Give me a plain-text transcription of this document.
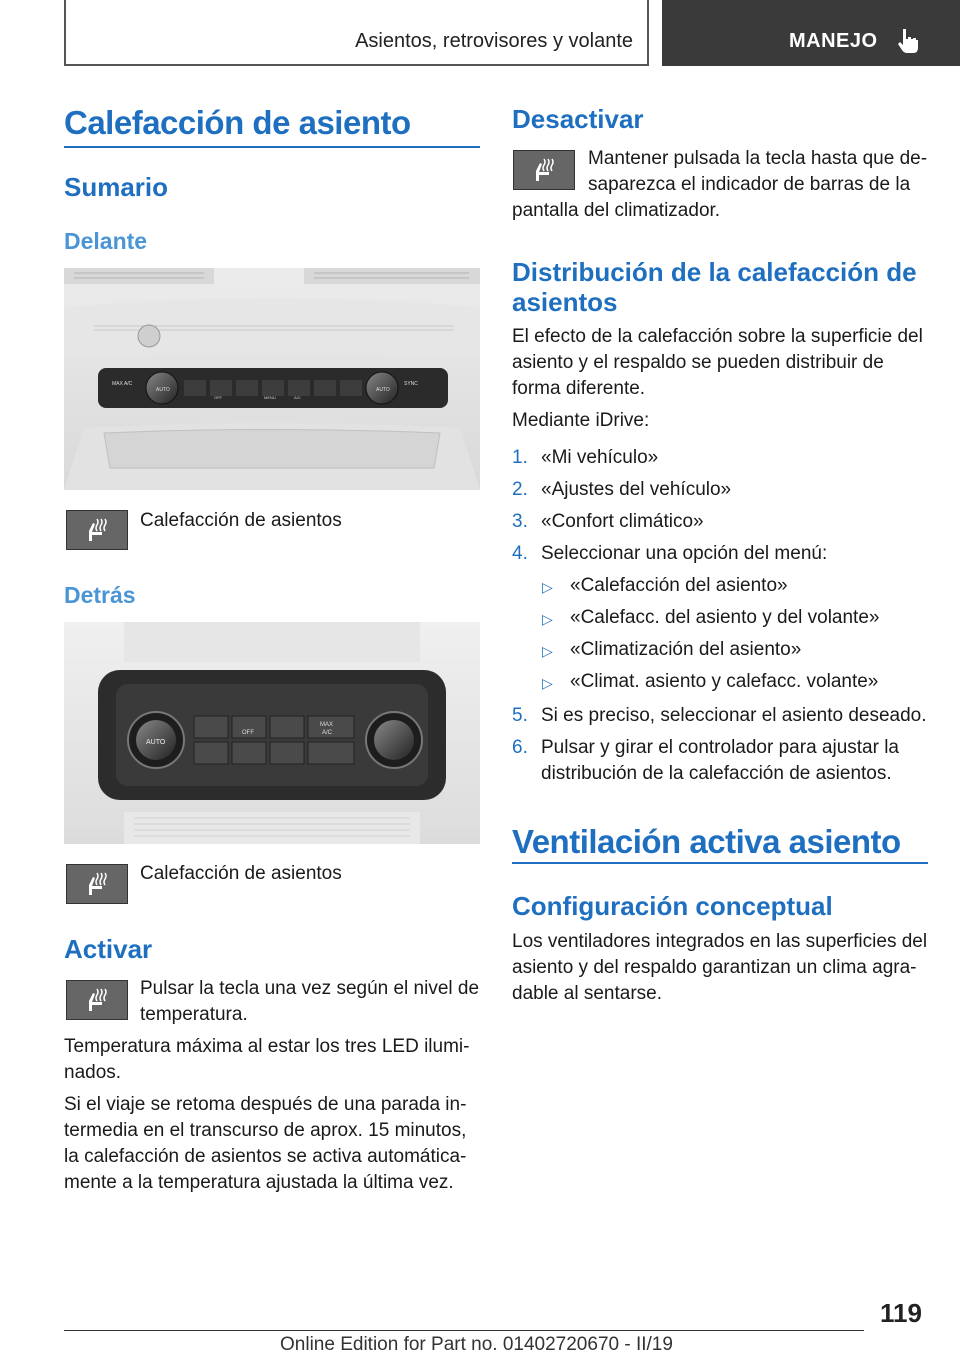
Asientos, retrovisores y volante	MANEJO
Calefacción de asiento
Sumario
Delante
MAX A/C
AUTO	AUTO
OFF	MENU	A/C
SYNC
Calefacción de asientos
Detrás
AUTO
OFF
MAX
A/C
Calefacción de asientos
Activar
Pulsar la tecla una vez según el nivel de
temperatura.
Temperatura máxima al estar los tres LED ilumi-
nados.
Si el viaje se retoma después de una parada in-
termedia en el transcurso de aprox. 15 minutos,
la calefacción de asientos se activa automática-
mente a la temperatura ajustada la última vez.
Desactivar
Mantener pulsada la tecla hasta que de-
saparezca el indicador de barras de la
pantalla del climatizador.
Distribución de la calefacción de
asientos
El efecto de la calefacción sobre la superficie del
asiento y el respaldo se pueden distribuir de
forma diferente.
Mediante iDrive:
1. «Mi vehículo»
2. «Ajustes del vehículo»
3. «Confort climático»
4. Seleccionar una opción del menú:
▷ «Calefacción del asiento»
▷ «Calefacc. del asiento y del volante»
▷ «Climatización del asiento»
▷ «Climat. asiento y calefacc. volante»
5. Si es preciso, seleccionar el asiento deseado.
6. Pulsar y girar el controlador para ajustar la
distribución de la calefacción de asientos.
Ventilación activa asiento
Configuración conceptual
Los ventiladores integrados en las superficies del
asiento y del respaldo garantizan un clima agra-
dable al sentarse.
119
Online Edition for Part no. 01402720670 - II/19
